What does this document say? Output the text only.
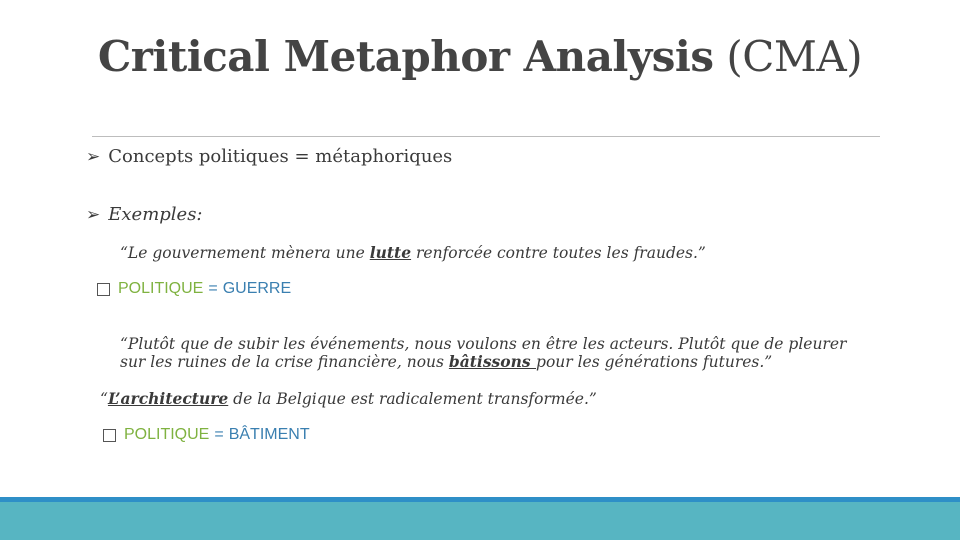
Critical Metaphor Analysis (CMA)
➢ Concepts politiques = métaphoriques
➢ Exemples:
“Le gouvernement mènera une lutte renforcée contre toutes les fraudes.”
POLITIQUE = GUERRE
“Plutôt que de subir les événements, nous voulons en être les acteurs. Plutôt que de pleurer sur les ruines de la crise financière, nous bâtissons pour les générations futures.”
“L’architecture de la Belgique est radicalement transformée.”
POLITIQUE = BÂTIMENT
